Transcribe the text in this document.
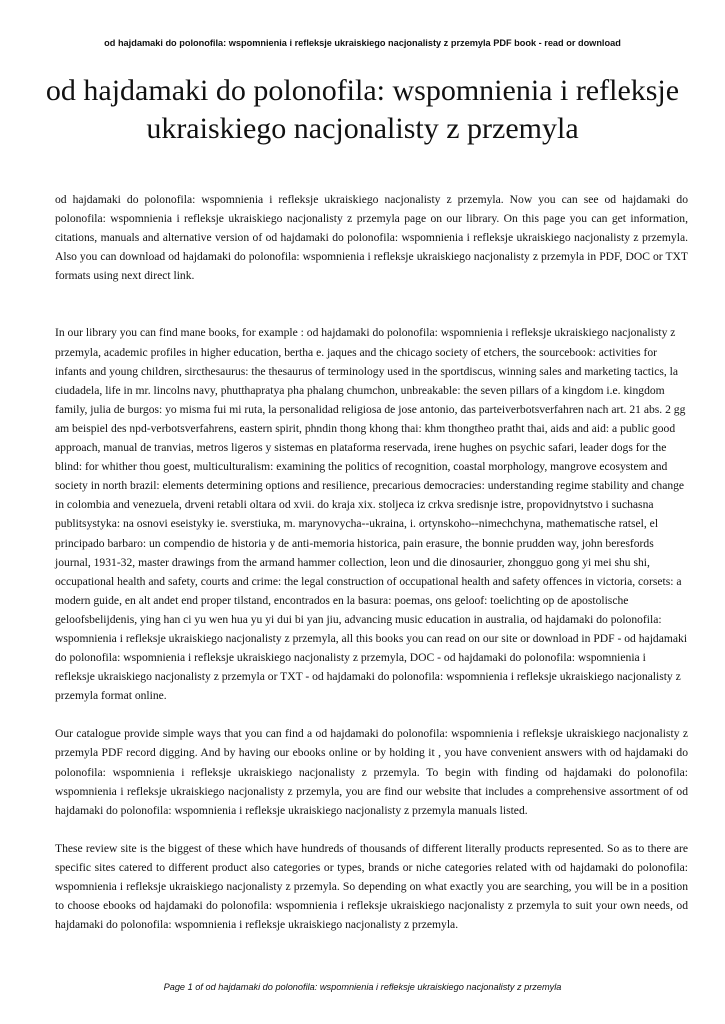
od hajdamaki do polonofila: wspomnienia i refleksje ukraiskiego nacjonalisty z przemyla PDF book - read or download
od hajdamaki do polonofila: wspomnienia i refleksje ukraiskiego nacjonalisty z przemyla

od hajdamaki do polonofila: wspomnienia i refleksje ukraiskiego nacjonalisty z przemyla. Now you can see od hajdamaki do polonofila: wspomnienia i refleksje ukraiskiego nacjonalisty z przemyla page on our library. On this page you can get information, citations, manuals and alternative version of od hajdamaki do polonofila: wspomnienia i refleksje ukraiskiego nacjonalisty z przemyla. Also you can download od hajdamaki do polonofila: wspomnienia i refleksje ukraiskiego nacjonalisty z przemyla in PDF, DOC or TXT formats using next direct link.

In our library you can find mane books, for example : od hajdamaki do polonofila: wspomnienia i refleksje ukraiskiego nacjonalisty z przemyla, academic profiles in higher education, bertha e. jaques and the chicago society of etchers, the sourcebook: activities for infants and young children, sircthesaurus: the thesaurus of terminology used in the sportdiscus, winning sales and marketing tactics, la ciudadela, life in mr. lincolns navy, phutthapratya pha phalang chumchon, unbreakable: the seven pillars of a kingdom i.e. kingdom family, julia de burgos: yo misma fui mi ruta, la personalidad religiosa de jose antonio, das parteiverbotsverfahren nach art. 21 abs. 2 gg am beispiel des npd-verbotsverfahrens, eastern spirit, phndin thong khong thai: khm thongtheo pratht thai, aids and aid: a public good approach, manual de tranvias, metros ligeros y sistemas en plataforma reservada, irene hughes on psychic safari, leader dogs for the blind: for whither thou goest, multiculturalism: examining the politics of recognition, coastal morphology, mangrove ecosystem and society in north brazil: elements determining options and resilience, precarious democracies: understanding regime stability and change in colombia and venezuela, drveni retabli oltara od xvii. do kraja xix. stoljeca iz crkva sredisnje istre, propovidnytstvo i suchasna publitsystyka: na osnovi eseistyky ie. sverstiuka, m. marynovycha--ukraina, i. ortynskoho--nimechchyna, mathematische ratsel, el principado barbaro: un compendio de historia y de anti-memoria historica, pain erasure, the bonnie prudden way, john beresfords journal, 1931-32, master drawings from the armand hammer collection, leon und die dinosaurier, zhongguo gong yi mei shu shi, occupational health and safety, courts and crime: the legal construction of occupational health and safety offences in victoria, corsets: a modern guide, en alt andet end proper tilstand, encontrados en la basura: poemas, ons geloof: toelichting op de apostolische geloofsbelijdenis, ying han ci yu wen hua yu yi dui bi yan jiu, advancing music education in australia, od hajdamaki do polonofila: wspomnienia i refleksje ukraiskiego nacjonalisty z przemyla, all this books you can read on our site or download in PDF - od hajdamaki do polonofila: wspomnienia i refleksje ukraiskiego nacjonalisty z przemyla, DOC - od hajdamaki do polonofila: wspomnienia i refleksje ukraiskiego nacjonalisty z przemyla or TXT - od hajdamaki do polonofila: wspomnienia i refleksje ukraiskiego nacjonalisty z przemyla format online.

Our catalogue provide simple ways that you can find a od hajdamaki do polonofila: wspomnienia i refleksje ukraiskiego nacjonalisty z przemyla PDF record digging. And by having our ebooks online or by holding it , you have convenient answers with od hajdamaki do polonofila: wspomnienia i refleksje ukraiskiego nacjonalisty z przemyla. To begin with finding od hajdamaki do polonofila: wspomnienia i refleksje ukraiskiego nacjonalisty z przemyla, you are find our website that includes a comprehensive assortment of od hajdamaki do polonofila: wspomnienia i refleksje ukraiskiego nacjonalisty z przemyla manuals listed.

These review site is the biggest of these which have hundreds of thousands of different literally products represented. So as to there are specific sites catered to different product also categories or types, brands or niche categories related with od hajdamaki do polonofila: wspomnienia i refleksje ukraiskiego nacjonalisty z przemyla. So depending on what exactly you are searching, you will be in a position to choose ebooks od hajdamaki do polonofila: wspomnienia i refleksje ukraiskiego nacjonalisty z przemyla to suit your own needs, od hajdamaki do polonofila: wspomnienia i refleksje ukraiskiego nacjonalisty z przemyla.

Page 1 of od hajdamaki do polonofila: wspomnienia i refleksje ukraiskiego nacjonalisty z przemyla
